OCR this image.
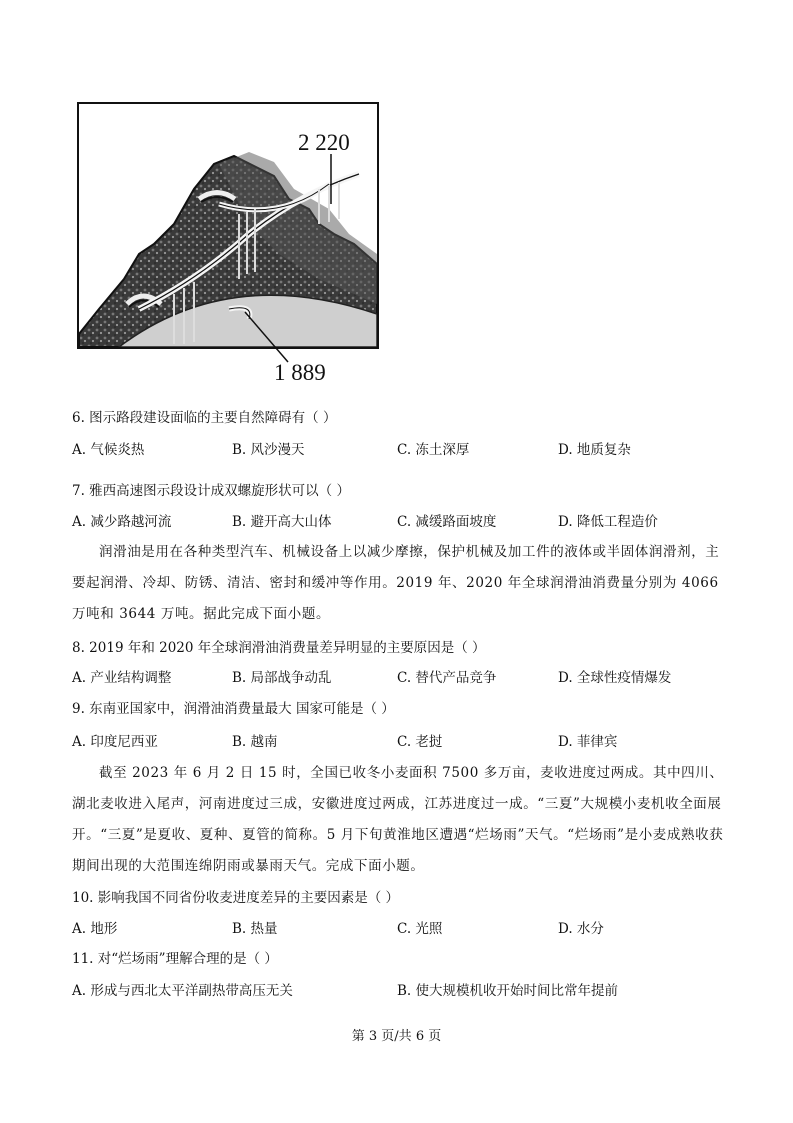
2 220
1 889
6. 图示路段建设面临的主要自然障碍有（ ）
A. 气候炎热	B. 风沙漫天	C. 冻土深厚	D. 地质复杂
7. 雅西高速图示段设计成双螺旋形状可以（ ）
A. 减少路越河流	B. 避开高大山体	C. 减缓路面坡度	D. 降低工程造价
润滑油是用在各种类型汽车、机械设备上以减少摩擦，保护机械及加工件的液体或半固体润滑剂，主要起润滑、冷却、防锈、清洁、密封和缓冲等作用。2019 年、2020 年全球润滑油消费量分别为 4066 万吨和 3644 万吨。据此完成下面小题。
8. 2019 年和 2020 年全球润滑油消费量差异明显的主要原因是（ ）
A. 产业结构调整	B. 局部战争动乱	C. 替代产品竞争	D. 全球性疫情爆发
9. 东南亚国家中，润滑油消费量最大 国家可能是（ ）
A. 印度尼西亚	B. 越南	C. 老挝	D. 菲律宾
截至 2023 年 6 月 2 日 15 时，全国已收冬小麦面积 7500 多万亩，麦收进度过两成。其中四川、湖北麦收进入尾声，河南进度过三成，安徽进度过两成，江苏进度过一成。“三夏”大规模小麦机收全面展开。“三夏”是夏收、夏种、夏管的简称。5 月下旬黄淮地区遭遇“烂场雨”天气。“烂场雨”是小麦成熟收获期间出现的大范围连绵阴雨或暴雨天气。完成下面小题。
10. 影响我国不同省份收麦进度差异的主要因素是（ ）
A. 地形	B. 热量	C. 光照	D. 水分
11. 对“烂场雨”理解合理的是（ ）
A. 形成与西北太平洋副热带高压无关	B. 使大规模机收开始时间比常年提前
第 3 页/共 6 页
